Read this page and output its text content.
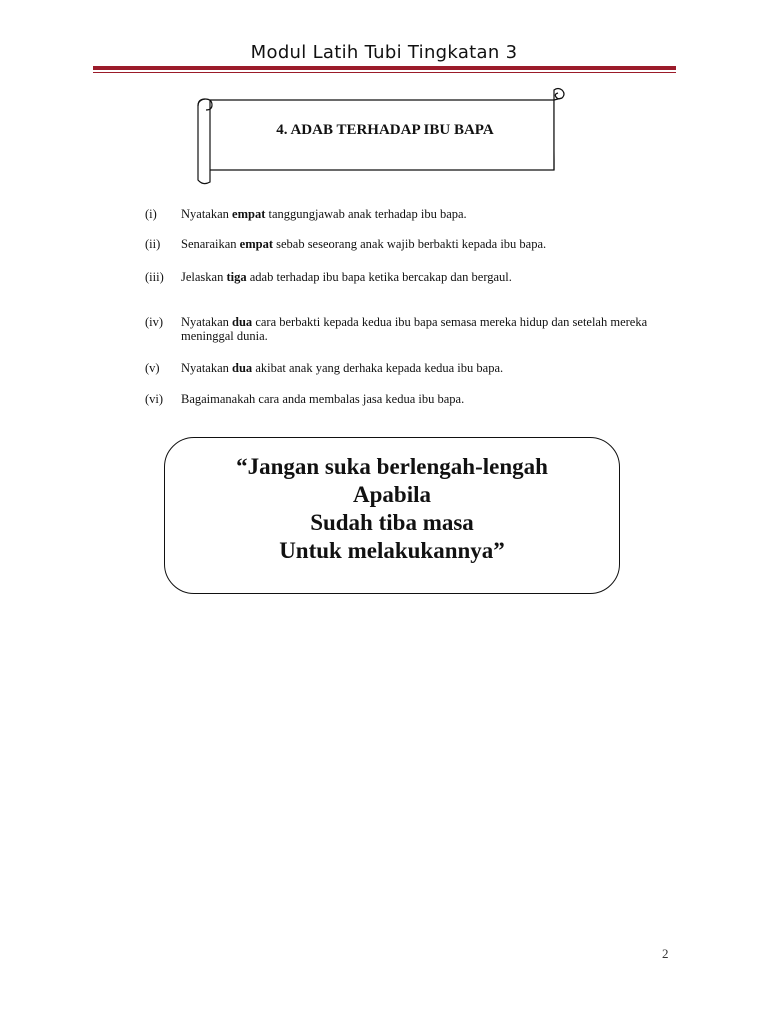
Modul Latih Tubi Tingkatan 3
4. ADAB TERHADAP IBU BAPA
(i)	Nyatakan empat tanggungjawab anak terhadap ibu bapa.
(ii)	Senaraikan empat sebab seseorang anak wajib berbakti kepada ibu bapa.
(iii) Jelaskan tiga adab terhadap ibu bapa ketika bercakap dan bergaul.
(iv)	Nyatakan dua cara berbakti kepada kedua ibu bapa semasa mereka hidup dan setelah mereka meninggal dunia.
(v)	Nyatakan dua akibat anak yang derhaka kepada kedua ibu bapa.
(vi)	Bagaimanakah cara anda membalas jasa kedua ibu bapa.
“Jangan suka berlengah-lengah
Apabila
Sudah tiba masa
Untuk melakukannya”
2
